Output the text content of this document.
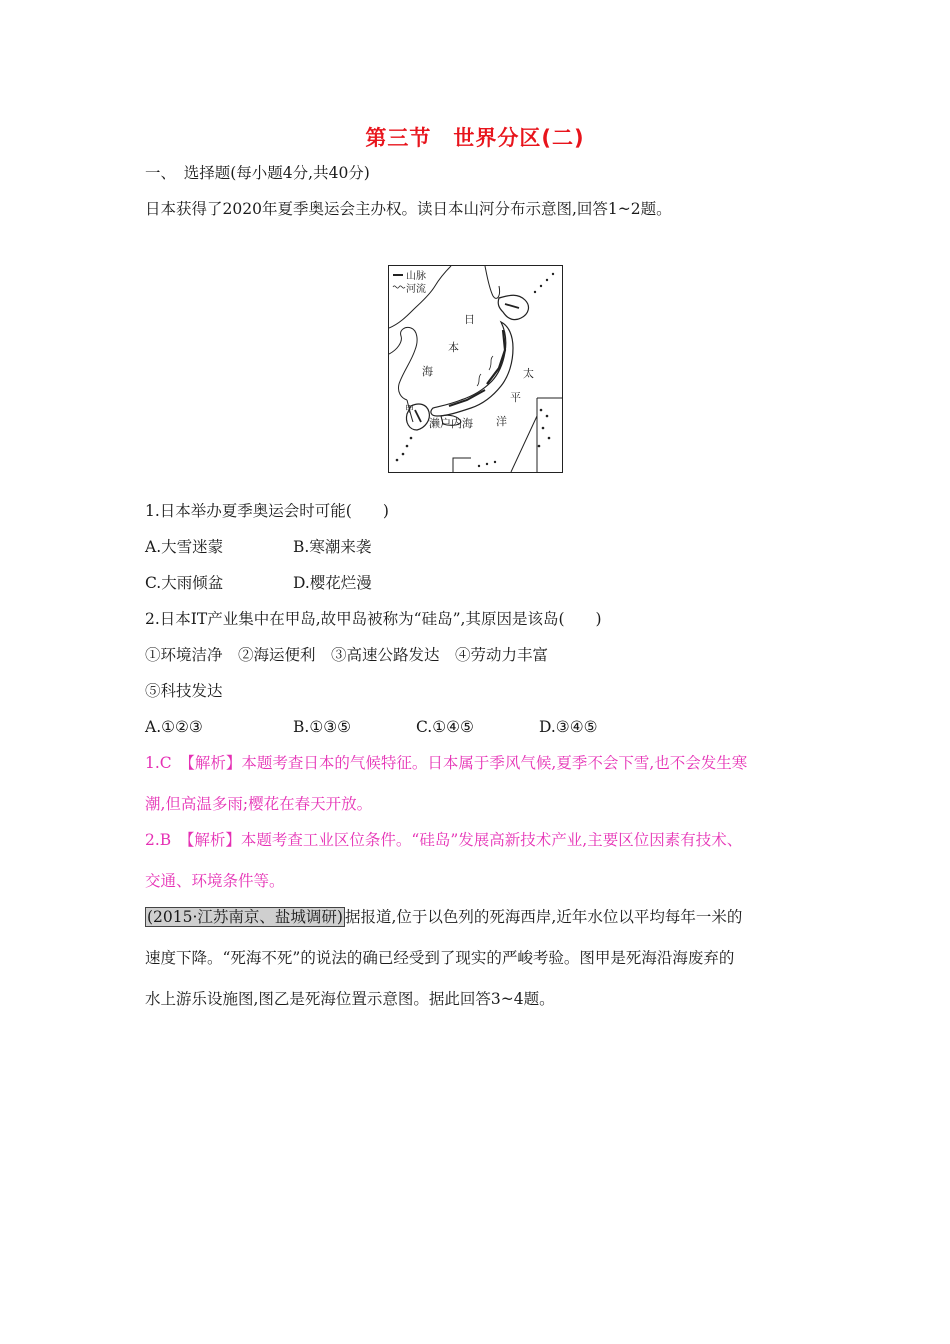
第三节　世界分区(二)
一、　选择题(每小题4分,共40分)
日本获得了2020年夏季奥运会主办权。读日本山河分布示意图,回答1~2题。
山脉
河流
日
本
海	太
平
洋
濑户内海
甲
1.日本举办夏季奥运会时可能(　　)
A.大雪迷蒙	B.寒潮来袭
C.大雨倾盆	D.樱花烂漫
2.日本IT产业集中在甲岛,故甲岛被称为“硅岛”,其原因是该岛(　　)
①环境洁净　②海运便利　③高速公路发达　④劳动力丰富
⑤科技发达
A.①②③	B.①③⑤	C.①④⑤	D.③④⑤
1.C　【解析】本题考查日本的气候特征。日本属于季风气候,夏季不会下雪,也不会发生寒
潮,但高温多雨;樱花在春天开放。
2.B　【解析】本题考查工业区位条件。“硅岛”发展高新技术产业,主要区位因素有技术、
交通、环境条件等。
(2015·江苏南京、盐城调研) 据报道,位于以色列的死海西岸,近年水位以平均每年一米的
速度下降。“死海不死”的说法的确已经受到了现实的严峻考验。图甲是死海沿海废弃的
水上游乐设施图,图乙是死海位置示意图。据此回答3~4题。
